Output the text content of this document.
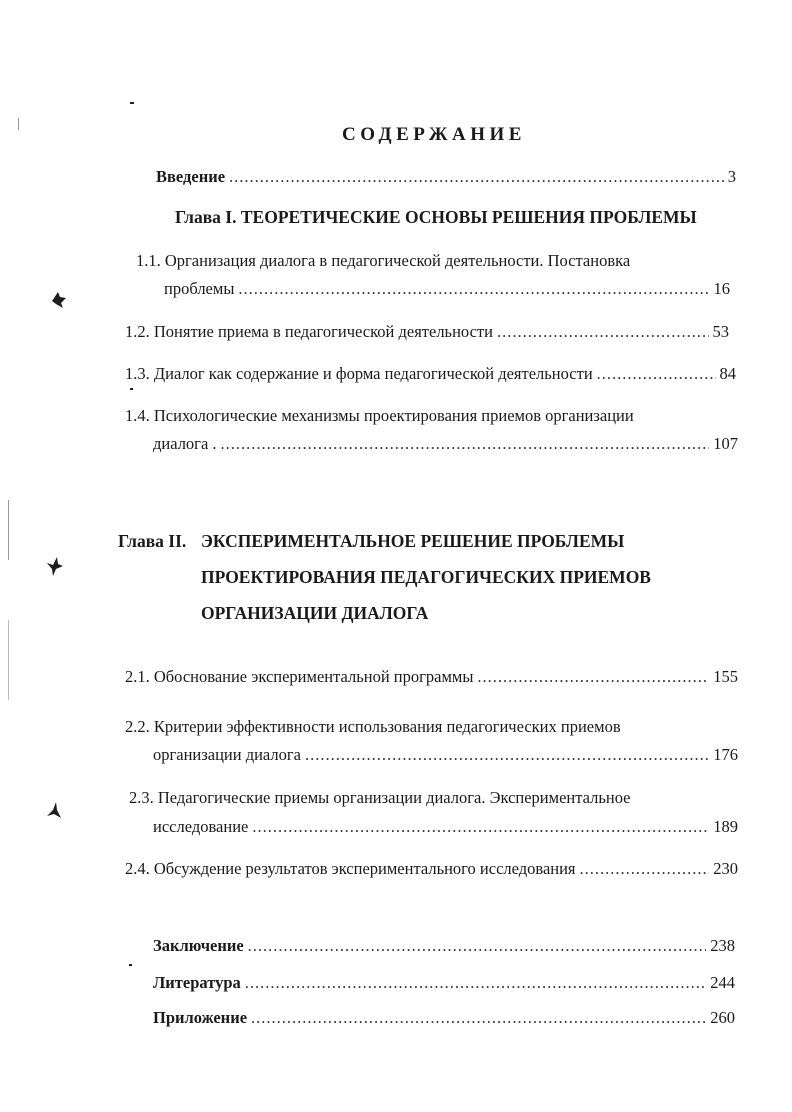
СОДЕРЖАНИЕ
Введение .....	3
Глава I. ТЕОРЕТИЧЕСКИЕ ОСНОВЫ РЕШЕНИЯ ПРОБЛЕМЫ
1.1. Организация диалога в педагогической деятельности. Постановка
проблемы .....	16
1.2. Понятие приема в педагогической деятельности .....	53
1.3. Диалог как содержание и форма педагогической деятельности .....	84
1.4. Психологические механизмы проектирования приемов организации
диалога . .....	107
Глава II. ЭКСПЕРИМЕНТАЛЬНОЕ РЕШЕНИЕ ПРОБЛЕМЫ
ПРОЕКТИРОВАНИЯ ПЕДАГОГИЧЕСКИХ ПРИЕМОВ
ОРГАНИЗАЦИИ ДИАЛОГА
2.1. Обоснование экспериментальной программы .....	155
2.2. Критерии эффективности использования педагогических приемов
организации диалога .....	176
2.3. Педагогические приемы организации диалога. Экспериментальное
исследование .....	189
2.4. Обсуждение результатов экспериментального исследования .....	230
Заключение .....	238
Литература .....	244
Приложение .....	260
